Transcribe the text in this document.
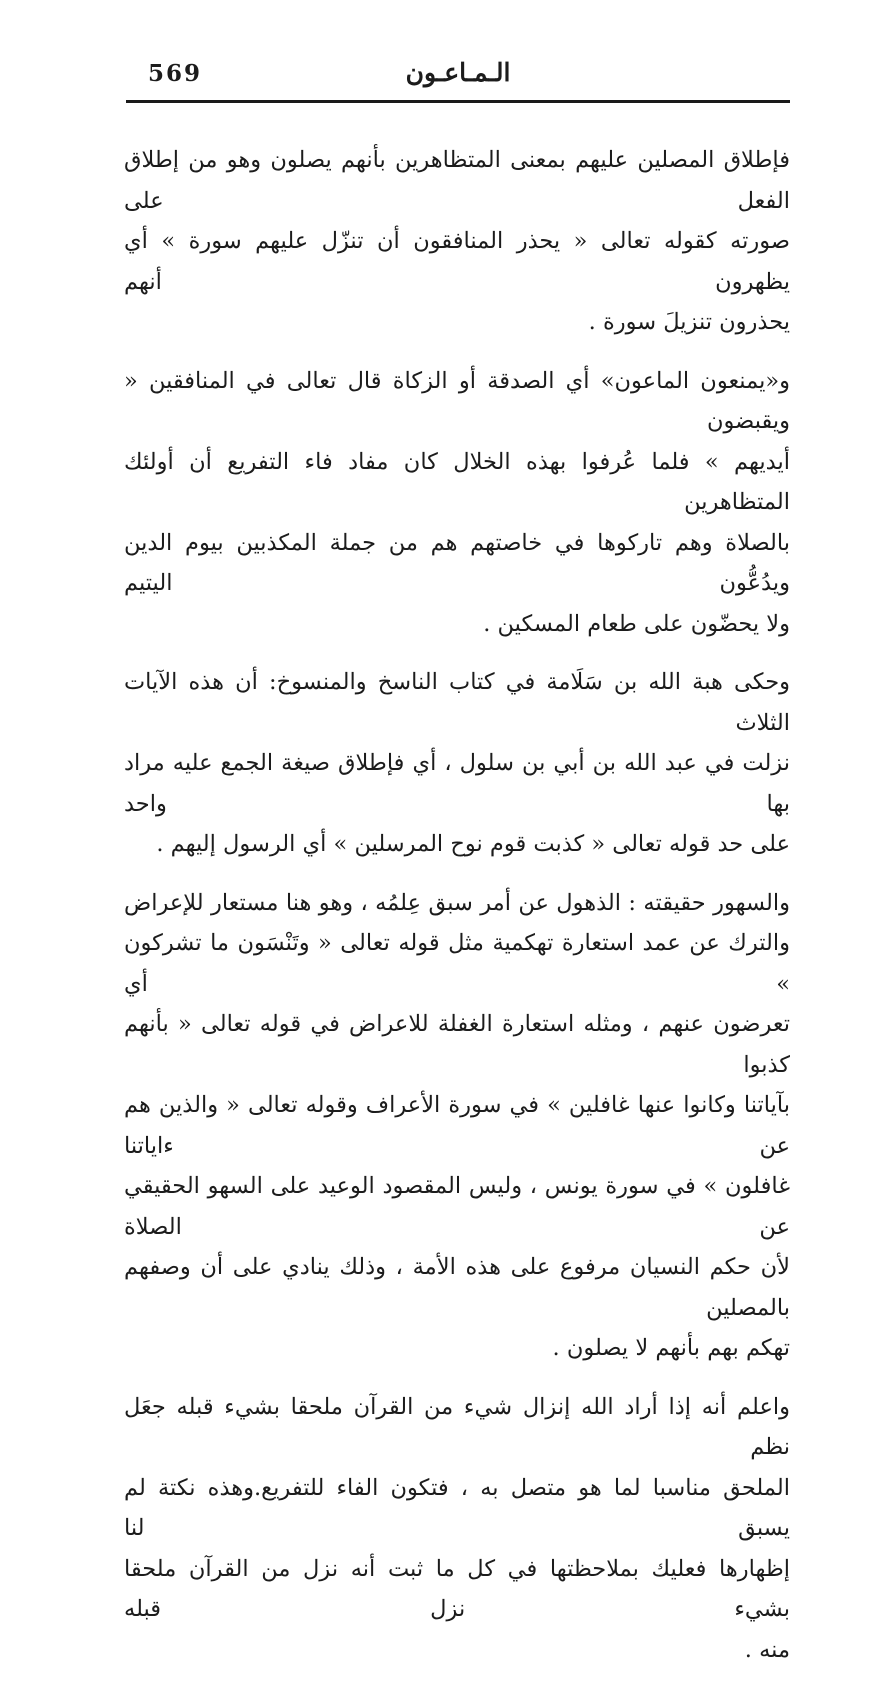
569	الـمـاعـون

فإطلاق المصلين عليهم بمعنى المتظاهرين بأنهم يصلون وهو من إطلاق الفعل على
صورته كقوله تعالى « يحذر المنافقون أن تنزّل عليهم سورة » أي يظهرون أنهم
يحذرون تنزيلَ سورة .

و«يمنعون الماعون» أي الصدقة أو الزكاة قال تعالى في المنافقين « ويقبضون
أيديهم » فلما عُرفوا بهذه الخلال كان مفاد فاء التفريع أن أولئك المتظاهرين
بالصلاة وهم تاركوها في خاصتهم هم من جملة المكذبين بيوم الدين ويدُعُّون اليتيم
ولا يحضّون على طعام المسكين .

وحكى هبة الله بن سَلَامة في كتاب الناسخ والمنسوخ: أن هذه الآيات الثلاث
نزلت في عبد الله بن أبي بن سلول ، أي فإطلاق صيغة الجمع عليه مراد بها واحد
على حد قوله تعالى « كذبت قوم نوح المرسلين » أي الرسول إليهم .

والسهور حقيقته : الذهول عن أمر سبق عِلمُه ، وهو هنا مستعار للإعراض
والترك عن عمد استعارة تهكمية مثل قوله تعالى « وتَنْسَون ما تشركون » أي
تعرضون عنهم ، ومثله استعارة الغفلة للاعراض في قوله تعالى « بأنهم كذبوا
بآياتنا وكانوا عنها غافلين » في سورة الأعراف وقوله تعالى « والذين هم عن ءاياتنا
غافلون » في سورة يونس ، وليس المقصود الوعيد على السهو الحقيقي عن الصلاة
لأن حكم النسيان مرفوع على هذه الأمة ، وذلك ينادي على أن وصفهم بالمصلين
تهكم بهم بأنهم لا يصلون .

واعلم أنه إذا أراد الله إنزال شيء من القرآن ملحقا بشيء قبله جعَل نظم
الملحق مناسبا لما هو متصل به ، فتكون الفاء للتفريع.وهذه نكتة لم يسبق لنا
إظهارها فعليك بملاحظتها في كل ما ثبت أنه نزل من القرآن ملحقا بشيء نزل قبله
منه .
